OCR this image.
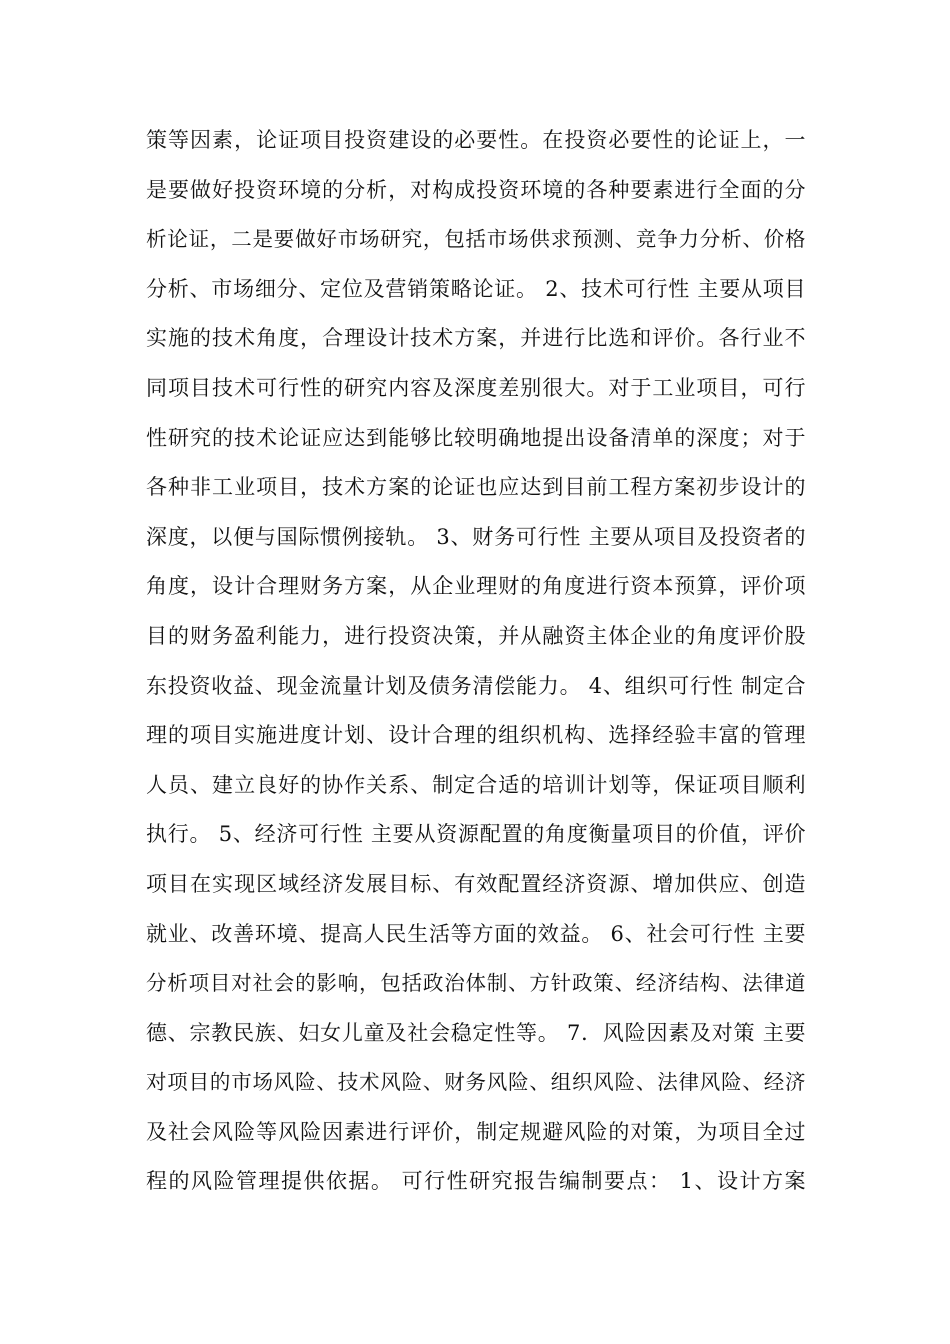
策等因素，论证项目投资建设的必要性。在投资必要性的论证上，一
是要做好投资环境的分析，对构成投资环境的各种要素进行全面的分
析论证，二是要做好市场研究，包括市场供求预测、竞争力分析、价格
分析、市场细分、定位及营销策略论证。 2、技术可行性 主要从项目
实施的技术角度，合理设计技术方案，并进行比选和评价。各行业不
同项目技术可行性的研究内容及深度差别很大。对于工业项目，可行
性研究的技术论证应达到能够比较明确地提出设备清单的深度；对于
各种非工业项目，技术方案的论证也应达到目前工程方案初步设计的
深度，以便与国际惯例接轨。 3、财务可行性 主要从项目及投资者的
角度，设计合理财务方案，从企业理财的角度进行资本预算，评价项
目的财务盈利能力，进行投资决策，并从融资主体企业的角度评价股
东投资收益、现金流量计划及债务清偿能力。 4、组织可行性 制定合
理的项目实施进度计划、设计合理的组织机构、选择经验丰富的管理
人员、建立良好的协作关系、制定合适的培训计划等，保证项目顺利
执行。 5、经济可行性 主要从资源配置的角度衡量项目的价值，评价
项目在实现区域经济发展目标、有效配置经济资源、增加供应、创造
就业、改善环境、提高人民生活等方面的效益。 6、社会可行性 主要
分析项目对社会的影响，包括政治体制、方针政策、经济结构、法律道
德、宗教民族、妇女儿童及社会稳定性等。 7．风险因素及对策 主要
对项目的市场风险、技术风险、财务风险、组织风险、法律风险、经济
及社会风险等风险因素进行评价，制定规避风险的对策，为项目全过
程的风险管理提供依据。 可行性研究报告编制要点： 1、设计方案
